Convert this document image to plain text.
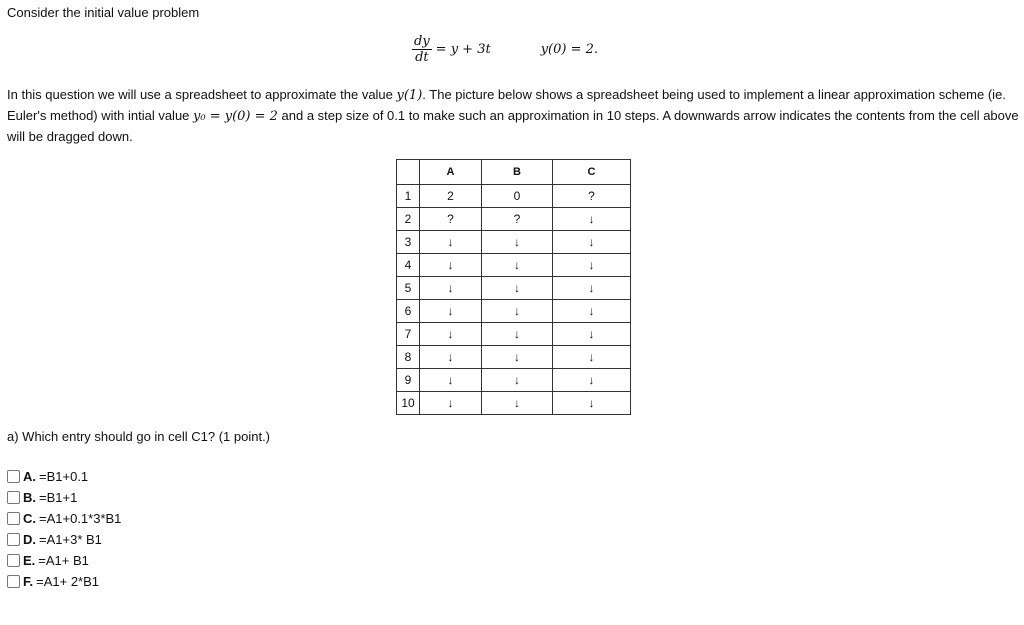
Consider the initial value problem
$\frac{dy}{dt} = y + 3t$	y(0) = 2.

In this question we will use a spreadsheet to approximate the value y(1). The picture below shows a spreadsheet being used to implement a linear approximation scheme (ie. Euler's method) with intial value y₀ = y(0) = 2 and a step size of 0.1 to make such an approximation in 10 steps. A downwards arrow indicates the contents from the cell above will be dragged down.

	A	B	C
1	2	0	?
2	?	?	↓
3	↓	↓	↓
4	↓	↓	↓
5	↓	↓	↓
6	↓	↓	↓
7	↓	↓	↓
8	↓	↓	↓
9	↓	↓	↓
10	↓	↓	↓
a) Which entry should go in cell C1? (1 point.)
A. =B1+0.1
B. =B1+1
C. =A1+0.1*3*B1
D. =A1+3* B1
E. =A1+ B1
F. =A1+ 2*B1
